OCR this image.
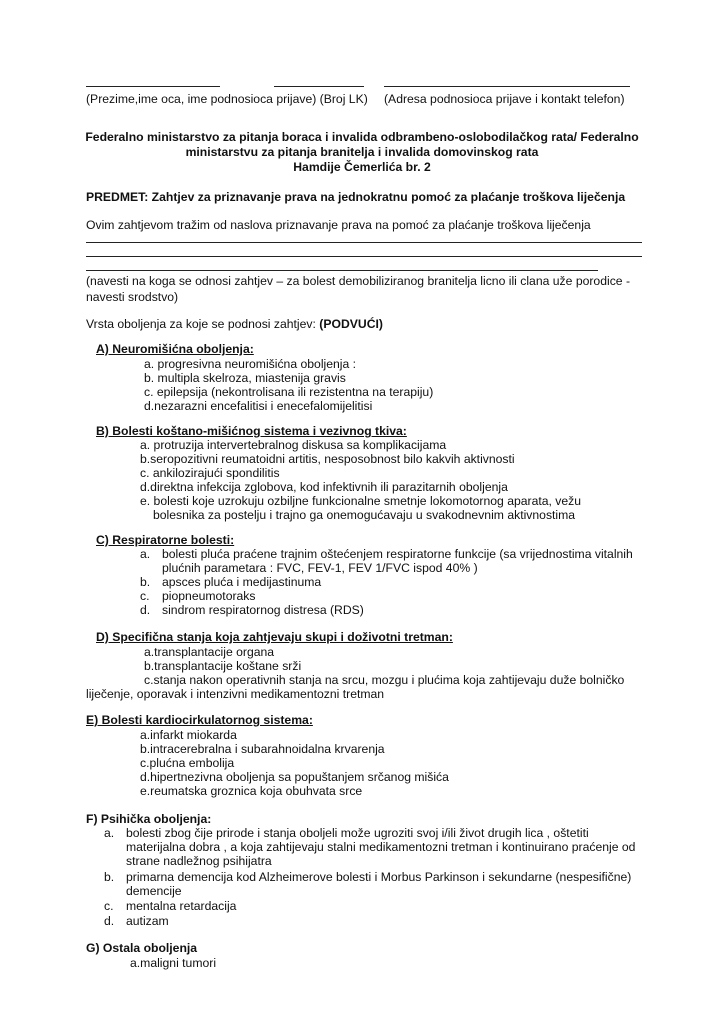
(Prezime,ime oca, ime podnosioca prijave) (Broj LK) (Adresa podnosioca prijave i kontakt telefon)
Federalno ministarstvo za pitanja boraca i invalida odbrambeno-oslobodilačkog rata/ Federalno
ministarstvu za pitanja branitelja i invalida domovinskog rata
Hamdije Čemerlića br. 2
PREDMET: Zahtjev za priznavanje prava na jednokratnu pomoć za plaćanje troškova liječenja
Ovim zahtjevom tražim od naslova priznavanje prava na pomoć za plaćanje troškova liječenja
(navesti na koga se odnosi zahtjev – za bolest demobiliziranog branitelja licno ili clana uže porodice -
navesti srodstvo)
Vrsta oboljenja za koje se podnosi zahtjev: (PODVUĆI)
A) Neuromišićna oboljenja:
a. progresivna neuromišićna oboljenja :
b. multipla skelroza, miastenija gravis
c. epilepsija (nekontrolisana ili rezistentna na terapiju)
d.nezarazni encefalitisi i enecefalomijelitisi
B) Bolesti koštano-mišićnog sistema i vezivnog tkiva:
a. protruzija intervertebralnog diskusa sa komplikacijama
b.seropozitivni reumatoidni artitis, nesposobnost bilo kakvih aktivnosti
c. ankilozirajući spondilitis
d.direktna infekcija zglobova, kod infektivnih ili parazitarnih oboljenja
e. bolesti koje uzrokuju ozbiljne funkcionalne smetnje lokomotornog aparata, vežu
bolesnika za postelju i trajno ga onemogućavaju u svakodnevnim aktivnostima
C) Respiratorne bolesti:
a. bolesti pluća praćene trajnim oštećenjem respiratorne funkcije (sa vrijednostima vitalnih
plućnih parametara : FVC, FEV-1, FEV 1/FVC ispod 40% )
b. apsces pluća i medijastinuma
c. piopneumotoraks
d. sindrom respiratornog distresa (RDS)
D) Specifična stanja koja zahtjevaju skupi i doživotni tretman:
a.transplantacije organa
b.transplantacije koštane srži
c.stanja nakon operativnih stanja na srcu, mozgu i plućima koja zahtijevaju duže bolničko
liječenje, oporavak i intenzivni medikamentozni tretman
E) Bolesti kardiocirkulatornog sistema:
a.infarkt miokarda
b.intracerebralna i subarahnoidalna krvarenja
c.plućna embolija
d.hipertnezivna oboljenja sa popuštanjem srčanog mišića
e.reumatska groznica koja obuhvata srce
F) Psihička oboljenja:
a. bolesti zbog čije prirode i stanja oboljeli može ugroziti svoj i/ili život drugih lica , oštetiti
materijalna dobra , a koja zahtijevaju stalni medikamentozni tretman i kontinuirano praćenje od
strane nadležnog psihijatra
b. primarna demencija kod Alzheimerove bolesti i Morbus Parkinson i sekundarne (nespesifične)
demencije
c. mentalna retardacija
d. autizam
G) Ostala oboljenja
a.maligni tumori
